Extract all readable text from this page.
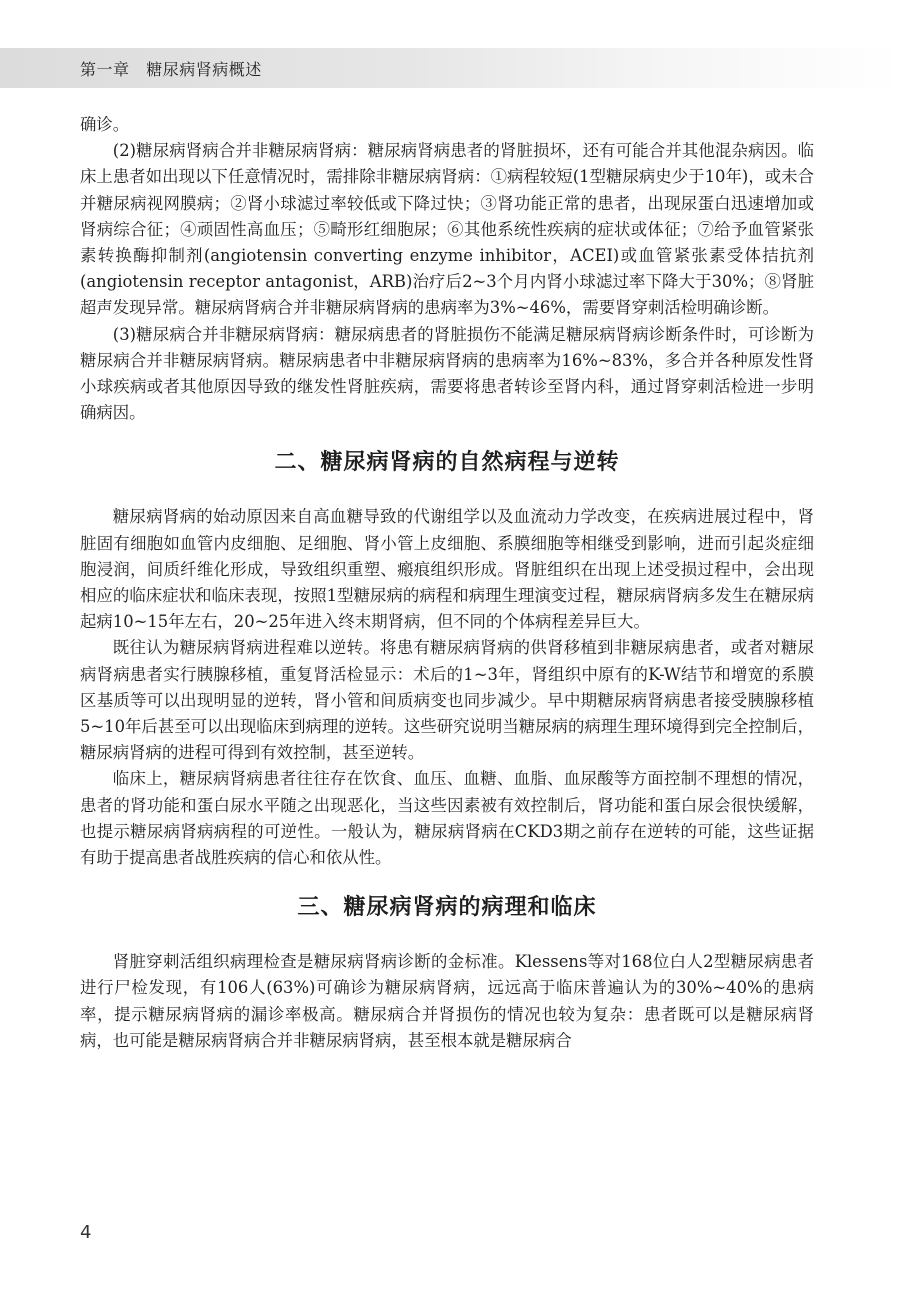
第一章 糖尿病肾病概述

确诊。

(2)糖尿病肾病合并非糖尿病肾病：糖尿病肾病患者的肾脏损坏，还有可能合并其他混杂病因。临床上患者如出现以下任意情况时，需排除非糖尿病肾病：①病程较短(1型糖尿病史少于10年)，或未合并糖尿病视网膜病；②肾小球滤过率较低或下降过快；③肾功能正常的患者，出现尿蛋白迅速增加或肾病综合征；④顽固性高血压；⑤畸形红细胞尿；⑥其他系统性疾病的症状或体征；⑦给予血管紧张素转换酶抑制剂(angiotensin converting enzyme inhibitor，ACEI)或血管紧张素受体拮抗剂(angiotensin receptor antagonist，ARB)治疗后2~3个月内肾小球滤过率下降大于30%；⑧肾脏超声发现异常。糖尿病肾病合并非糖尿病肾病的患病率为3%~46%，需要肾穿刺活检明确诊断。

(3)糖尿病合并非糖尿病肾病：糖尿病患者的肾脏损伤不能满足糖尿病肾病诊断条件时，可诊断为糖尿病合并非糖尿病肾病。糖尿病患者中非糖尿病肾病的患病率为16%~83%，多合并各种原发性肾小球疾病或者其他原因导致的继发性肾脏疾病，需要将患者转诊至肾内科，通过肾穿刺活检进一步明确病因。

二、糖尿病肾病的自然病程与逆转

糖尿病肾病的始动原因来自高血糖导致的代谢组学以及血流动力学改变，在疾病进展过程中，肾脏固有细胞如血管内皮细胞、足细胞、肾小管上皮细胞、系膜细胞等相继受到影响，进而引起炎症细胞浸润，间质纤维化形成，导致组织重塑、瘢痕组织形成。肾脏组织在出现上述受损过程中，会出现相应的临床症状和临床表现，按照1型糖尿病的病程和病理生理演变过程，糖尿病肾病多发生在糖尿病起病10~15年左右，20~25年进入终末期肾病，但不同的个体病程差异巨大。

既往认为糖尿病肾病进程难以逆转。将患有糖尿病肾病的供肾移植到非糖尿病患者，或者对糖尿病肾病患者实行胰腺移植，重复肾活检显示：术后的1~3年，肾组织中原有的K-W结节和增宽的系膜区基质等可以出现明显的逆转，肾小管和间质病变也同步减少。早中期糖尿病肾病患者接受胰腺移植5~10年后甚至可以出现临床到病理的逆转。这些研究说明当糖尿病的病理生理环境得到完全控制后，糖尿病肾病的进程可得到有效控制，甚至逆转。

临床上，糖尿病肾病患者往往存在饮食、血压、血糖、血脂、血尿酸等方面控制不理想的情况，患者的肾功能和蛋白尿水平随之出现恶化，当这些因素被有效控制后，肾功能和蛋白尿会很快缓解，也提示糖尿病肾病病程的可逆性。一般认为，糖尿病肾病在CKD3期之前存在逆转的可能，这些证据有助于提高患者战胜疾病的信心和依从性。

三、糖尿病肾病的病理和临床

肾脏穿刺活组织病理检查是糖尿病肾病诊断的金标准。Klessens等对168位白人2型糖尿病患者进行尸检发现，有106人(63%)可确诊为糖尿病肾病，远远高于临床普遍认为的30%~40%的患病率，提示糖尿病肾病的漏诊率极高。糖尿病合并肾损伤的情况也较为复杂：患者既可以是糖尿病肾病，也可能是糖尿病肾病合并非糖尿病肾病，甚至根本就是糖尿病合

4
